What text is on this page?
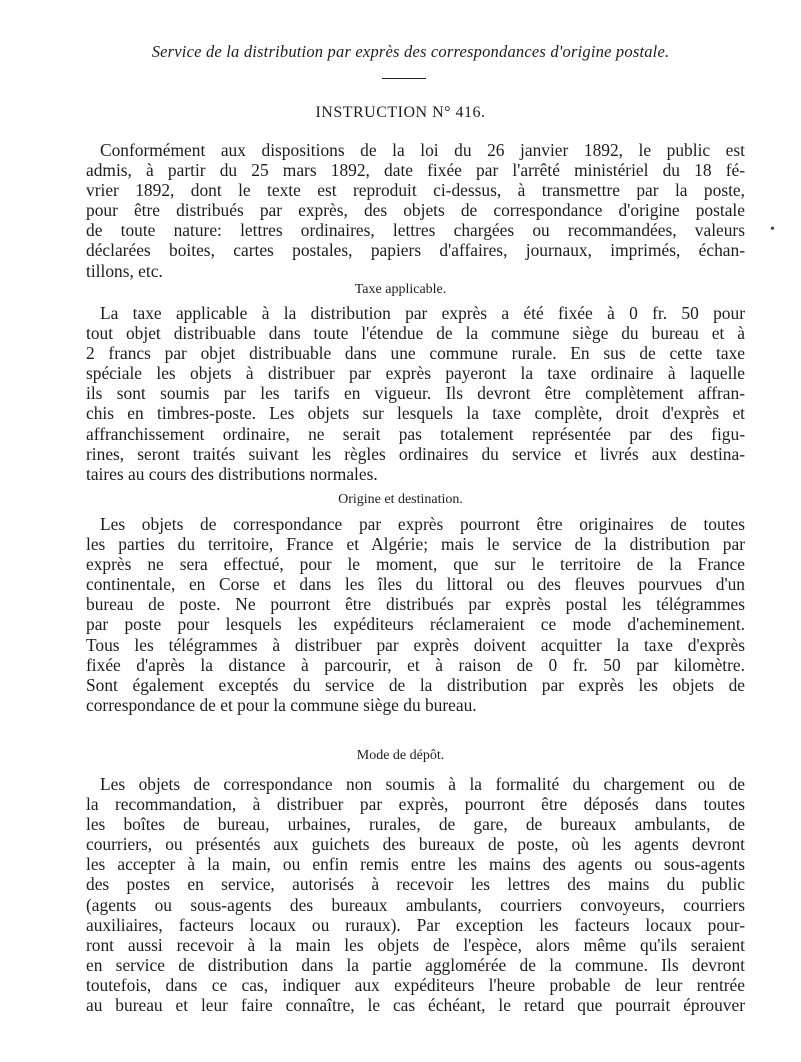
Service de la distribution par exprès des correspondances d'origine postale.
INSTRUCTION N° 416.
•

Conformément aux dispositions de la loi du 26 janvier 1892, le public est
admis, à partir du 25 mars 1892, date fixée par l'arrêté ministériel du 18 fé-
vrier 1892, dont le texte est reproduit ci-dessus, à transmettre par la poste,
pour être distribués par exprès, des objets de correspondance d'origine postale
de toute nature: lettres ordinaires, lettres chargées ou recommandées, valeurs
déclarées boites, cartes postales, papiers d'affaires, journaux, imprimés, échan-
tillons, etc.

Taxe applicable.

La taxe applicable à la distribution par exprès a été fixée à 0 fr. 50 pour
tout objet distribuable dans toute l'étendue de la commune siège du bureau et à
2 francs par objet distribuable dans une commune rurale. En sus de cette taxe
spéciale les objets à distribuer par exprès payeront la taxe ordinaire à laquelle
ils sont soumis par les tarifs en vigueur. Ils devront être complètement affran-
chis en timbres-poste. Les objets sur lesquels la taxe complète, droit d'exprès et
affranchissement ordinaire, ne serait pas totalement représentée par des figu-
rines, seront traités suivant les règles ordinaires du service et livrés aux destina-
taires au cours des distributions normales.

Origine et destination.

Les objets de correspondance par exprès pourront être originaires de toutes
les parties du territoire, France et Algérie; mais le service de la distribution par
exprès ne sera effectué, pour le moment, que sur le territoire de la France
continentale, en Corse et dans les îles du littoral ou des fleuves pourvues d'un
bureau de poste. Ne pourront être distribués par exprès postal les télégrammes
par poste pour lesquels les expéditeurs réclameraient ce mode d'acheminement.
Tous les télégrammes à distribuer par exprès doivent acquitter la taxe d'exprès
fixée d'après la distance à parcourir, et à raison de 0 fr. 50 par kilomètre.
Sont également exceptés du service de la distribution par exprès les objets de
correspondance de et pour la commune siège du bureau.

Mode de dépôt.

Les objets de correspondance non soumis à la formalité du chargement ou de
la recommandation, à distribuer par exprès, pourront être déposés dans toutes
les boîtes de bureau, urbaines, rurales, de gare, de bureaux ambulants, de
courriers, ou présentés aux guichets des bureaux de poste, où les agents devront
les accepter à la main, ou enfin remis entre les mains des agents ou sous-agents
des postes en service, autorisés à recevoir les lettres des mains du public
(agents ou sous-agents des bureaux ambulants, courriers convoyeurs, courriers
auxiliaires, facteurs locaux ou ruraux). Par exception les facteurs locaux pour-
ront aussi recevoir à la main les objets de l'espèce, alors même qu'ils seraient
en service de distribution dans la partie agglomérée de la commune. Ils devront
toutefois, dans ce cas, indiquer aux expéditeurs l'heure probable de leur rentrée
au bureau et leur faire connaître, le cas échéant, le retard que pourrait éprouver
